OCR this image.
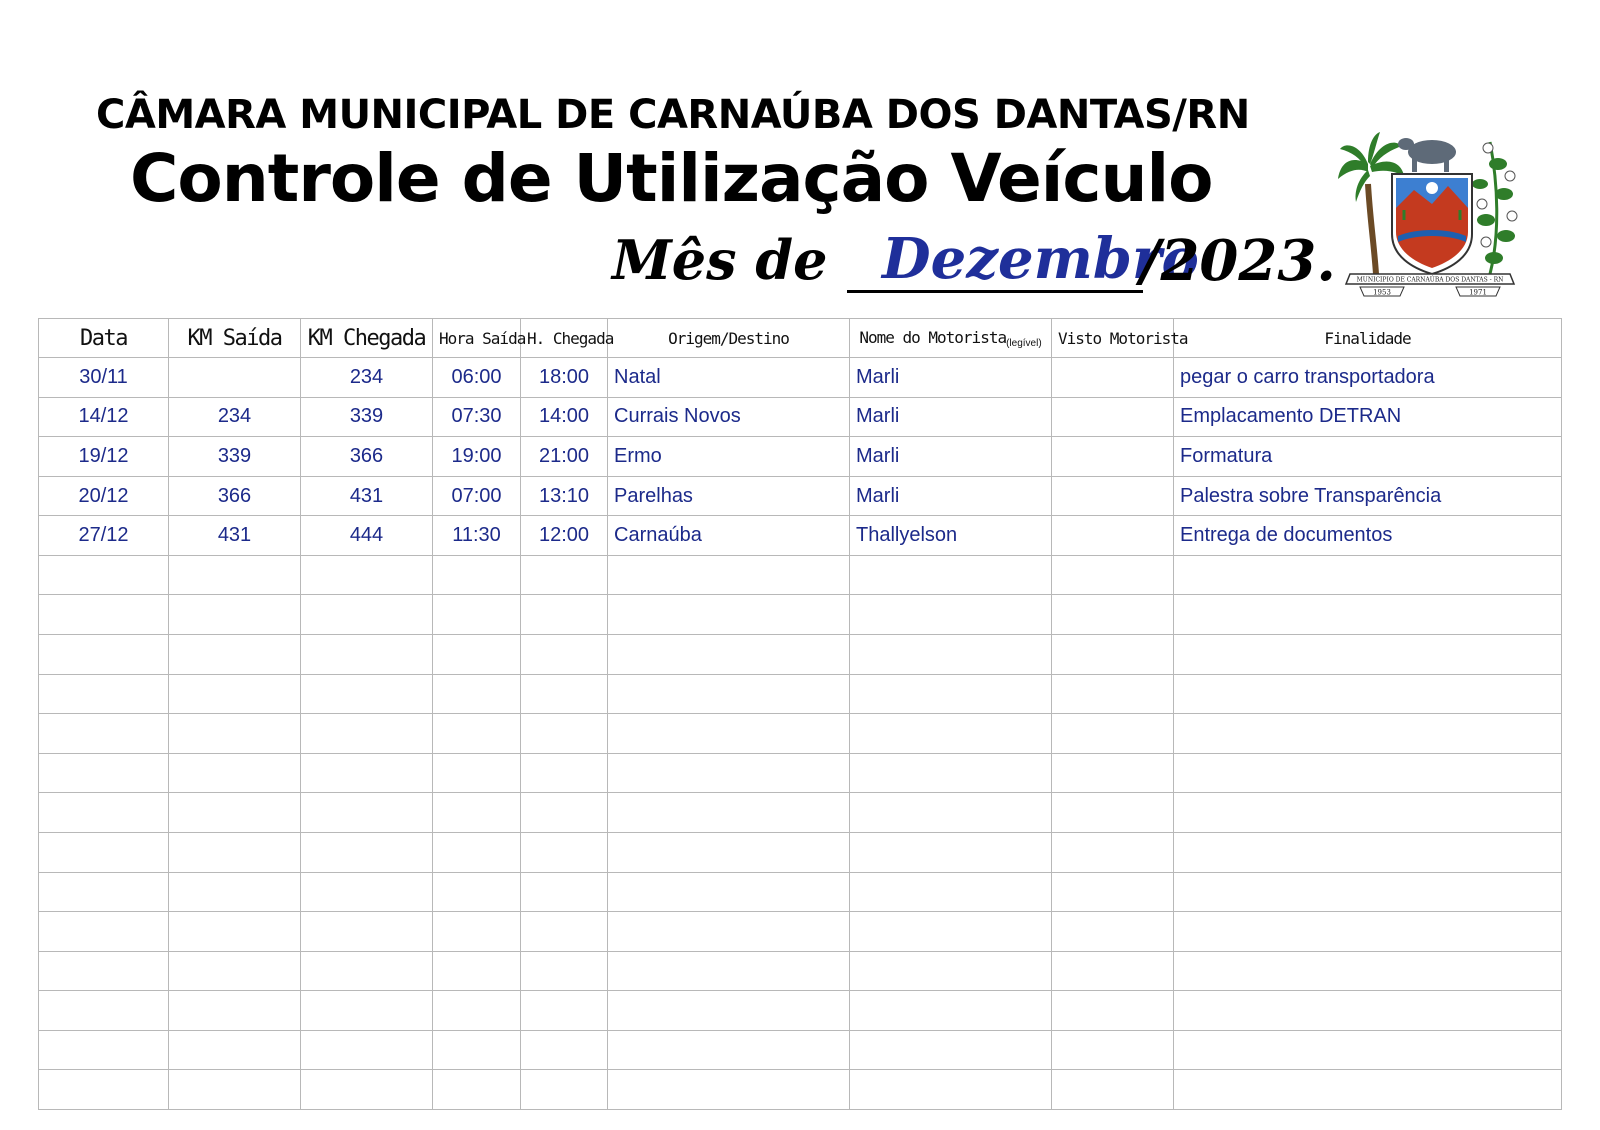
CÂMARA MUNICIPAL DE CARNAÚBA DOS DANTAS/RN
Controle de Utilização Veículo
Mês de Dezembro
/2023.	MUNICIPIO DE CARNAÚBA DOS DANTAS - RN
1953	1971
Data	KM Saída	KM Chegada	Hora Saída	H. Chegada	Origem/Destino	Nome do Motorista$_{(legível)}$	Visto Motorista	Finalidade
30/11		234	06:00	18:00	Natal	Marli		pegar o carro transportadora
14/12	234	339	07:30	14:00	Currais Novos	Marli		Emplacamento DETRAN
19/12	339	366	19:00	21:00	Ermo	Marli		Formatura
20/12	366	431	07:00	13:10	Parelhas	Marli		Palestra sobre Transparência
27/12	431	444	11:30	12:00	Carnaúba	Thallyelson		Entrega de documentos
